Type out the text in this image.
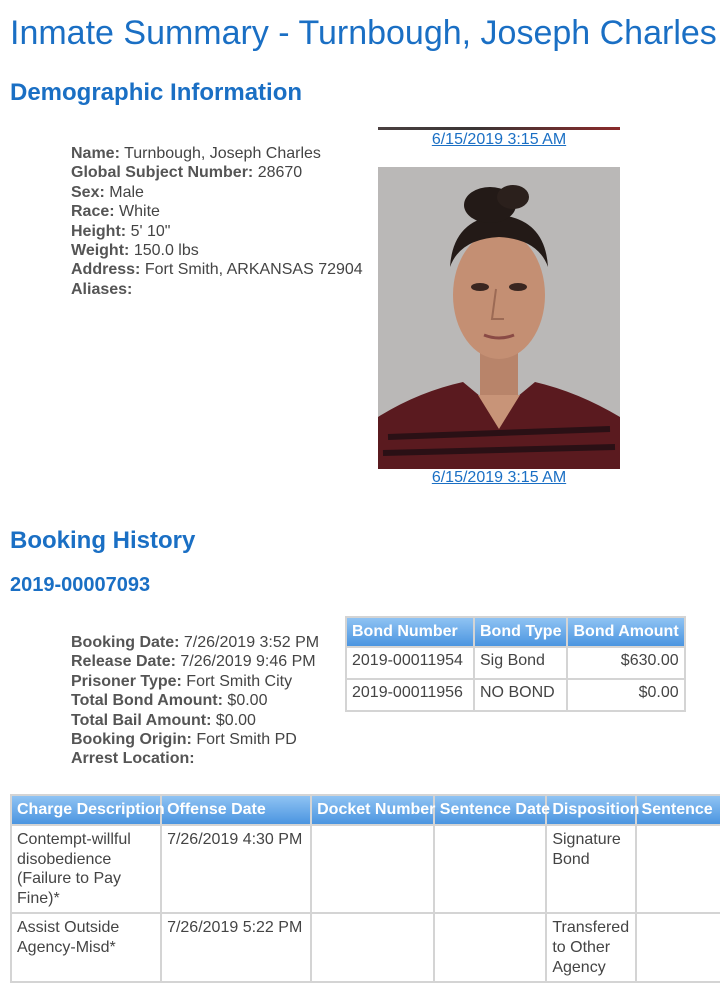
Inmate Summary - Turnbough, Joseph Charles
Demographic Information
Name: Turnbough, Joseph Charles
Global Subject Number: 28670
Sex: Male
Race: White
Height: 5' 10"
Weight: 150.0 lbs
Address: Fort Smith, ARKANSAS 72904
Aliases:
6/15/2019 3:15 AM
6/15/2019 3:15 AM
Booking History
2019-00007093
Booking Date: 7/26/2019 3:52 PM
Release Date: 7/26/2019 9:46 PM
Prisoner Type: Fort Smith City
Total Bond Amount: $0.00
Total Bail Amount: $0.00
Booking Origin: Fort Smith PD
Arrest Location:
Bond Number	Bond Type	Bond Amount
2019-00011954	Sig Bond	$630.00
2019-00011956	NO BOND	$0.00
Charge Description	Offense Date	Docket Number	Sentence Date	Disposition	Sentence
Contempt-willful disobedience (Failure to Pay Fine)*	7/26/2019 4:30 PM			Signature Bond	
Assist Outside Agency-Misd*	7/26/2019 5:22 PM			Transfered to Other Agency	
